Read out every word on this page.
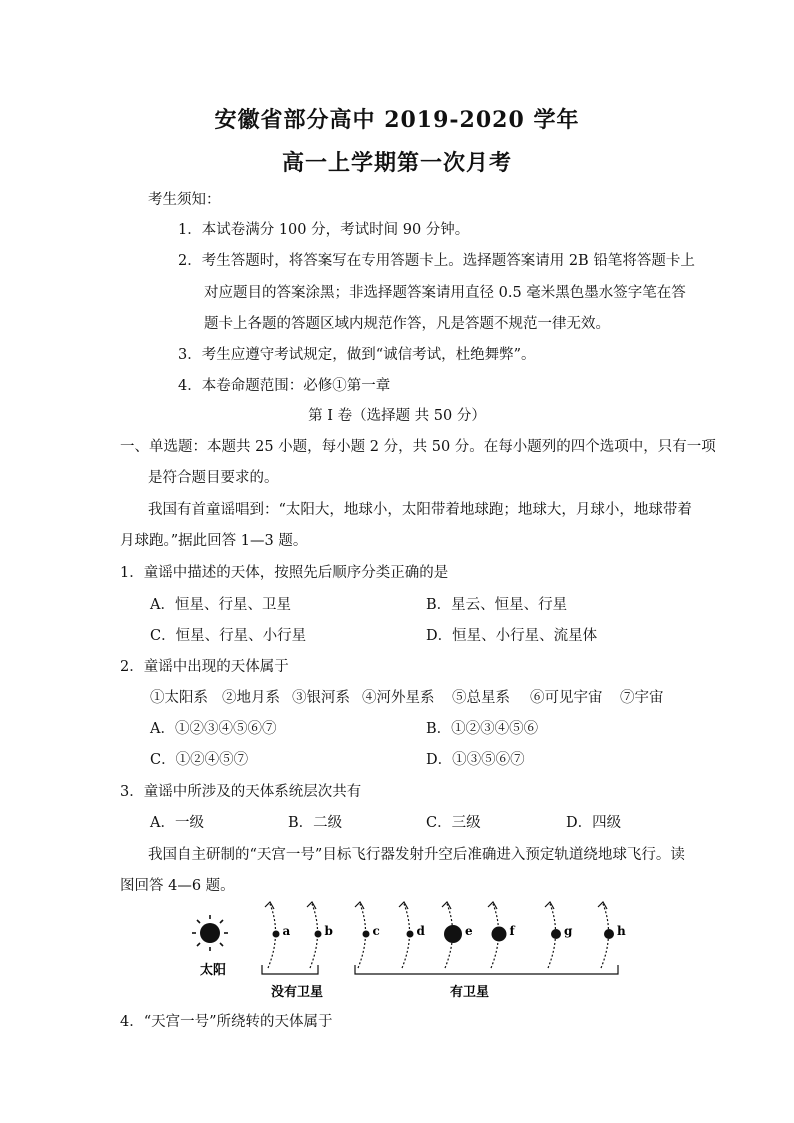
安徽省部分高中 2019-2020 学年
高一上学期第一次月考
考生须知：
1．本试卷满分 100 分，考试时间 90 分钟。
2．考生答题时，将答案写在专用答题卡上。选择题答案请用 2B 铅笔将答题卡上
对应题目的答案涂黑；非选择题答案请用直径 0.5 毫米黑色墨水签字笔在答
题卡上各题的答题区域内规范作答，凡是答题不规范一律无效。
3．考生应遵守考试规定，做到“诚信考试，杜绝舞弊”。
4．本卷命题范围：必修①第一章
第 I 卷（选择题 共 50 分）
一、单选题：本题共 25 小题，每小题 2 分，共 50 分。在每小题列的四个选项中，只有一项
是符合题目要求的。
我国有首童谣唱到：“太阳大，地球小，太阳带着地球跑；地球大，月球小，地球带着
月球跑。”据此回答 1—3 题。
1．童谣中描述的天体，按照先后顺序分类正确的是
A．恒星、行星、卫星	B．星云、恒星、行星
C．恒星、行星、小行星	D．恒星、小行星、流星体
2．童谣中出现的天体属于
①太阳系 ②地月系 ③银河系 ④河外星系 ⑤总星系 ⑥可见宇宙 ⑦宇宙
A．①②③④⑤⑥⑦	B．①②③④⑤⑥
C．①②④⑤⑦	D．①③⑤⑥⑦
3．童谣中所涉及的天体系统层次共有
A．一级	B．二级	C．三级	D．四级
我国自主研制的“天宫一号”目标飞行器发射升空后准确进入预定轨道绕地球飞行。读
图回答 4—6 题。
太阳
a	b	c	d	e	f	g	h
没有卫星	有卫星
4．“天宫一号”所绕转的天体属于
